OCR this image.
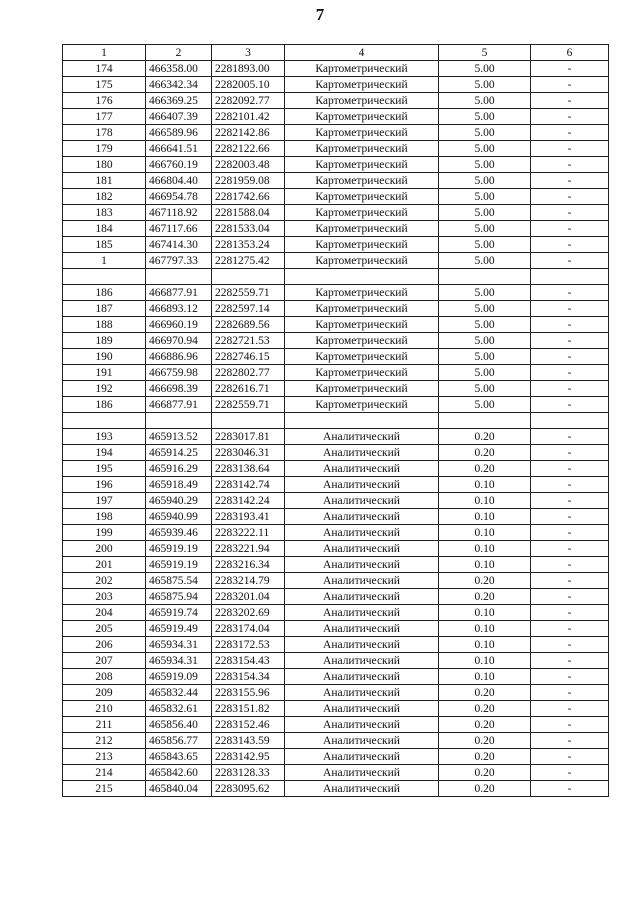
7
1	2	3	4	5	6
174	466358.00	2281893.00	Картометрический	5.00	-
175	466342.34	2282005.10	Картометрический	5.00	-
176	466369.25	2282092.77	Картометрический	5.00	-
177	466407.39	2282101.42	Картометрический	5.00	-
178	466589.96	2282142.86	Картометрический	5.00	-
179	466641.51	2282122.66	Картометрический	5.00	-
180	466760.19	2282003.48	Картометрический	5.00	-
181	466804.40	2281959.08	Картометрический	5.00	-
182	466954.78	2281742.66	Картометрический	5.00	-
183	467118.92	2281588.04	Картометрический	5.00	-
184	467117.66	2281533.04	Картометрический	5.00	-
185	467414.30	2281353.24	Картометрический	5.00	-
1	467797.33	2281275.42	Картометрический	5.00	-

186	466877.91	2282559.71	Картометрический	5.00	-
187	466893.12	2282597.14	Картометрический	5.00	-
188	466960.19	2282689.56	Картометрический	5.00	-
189	466970.94	2282721.53	Картометрический	5.00	-
190	466886.96	2282746.15	Картометрический	5.00	-
191	466759.98	2282802.77	Картометрический	5.00	-
192	466698.39	2282616.71	Картометрический	5.00	-
186	466877.91	2282559.71	Картометрический	5.00	-

193	465913.52	2283017.81	Аналитический	0.20	-
194	465914.25	2283046.31	Аналитический	0.20	-
195	465916.29	2283138.64	Аналитический	0.20	-
196	465918.49	2283142.74	Аналитический	0.10	-
197	465940.29	2283142.24	Аналитический	0.10	-
198	465940.99	2283193.41	Аналитический	0.10	-
199	465939.46	2283222.11	Аналитический	0.10	-
200	465919.19	2283221.94	Аналитический	0.10	-
201	465919.19	2283216.34	Аналитический	0.10	-
202	465875.54	2283214.79	Аналитический	0.20	-
203	465875.94	2283201.04	Аналитический	0.20	-
204	465919.74	2283202.69	Аналитический	0.10	-
205	465919.49	2283174.04	Аналитический	0.10	-
206	465934.31	2283172.53	Аналитический	0.10	-
207	465934.31	2283154.43	Аналитический	0.10	-
208	465919.09	2283154.34	Аналитический	0.10	-
209	465832.44	2283155.96	Аналитический	0.20	-
210	465832.61	2283151.82	Аналитический	0.20	-
211	465856.40	2283152.46	Аналитический	0.20	-
212	465856.77	2283143.59	Аналитический	0.20	-
213	465843.65	2283142.95	Аналитический	0.20	-
214	465842.60	2283128.33	Аналитический	0.20	-
215	465840.04	2283095.62	Аналитический	0.20	-
